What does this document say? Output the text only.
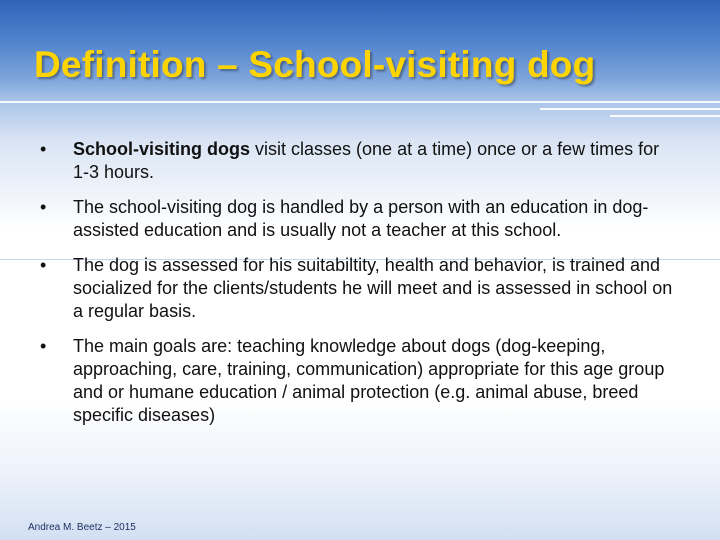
Definition – School-visiting dog
• School-visiting dogs visit classes (one at a time) once or a few times for 1-3 hours.
• The school-visiting dog is handled by a person with an education in dog-assisted education and is usually not a teacher at this school.
• The dog is assessed for his suitabiltity, health and behavior, is trained and socialized for the clients/students he will meet and is assessed in school on a regular basis.
• The main goals are: teaching knowledge about dogs (dog-keeping, approaching, care, training, communication) appropriate for this age group and or humane education / animal protection (e.g. animal abuse, breed specific diseases)
Andrea M. Beetz – 2015
